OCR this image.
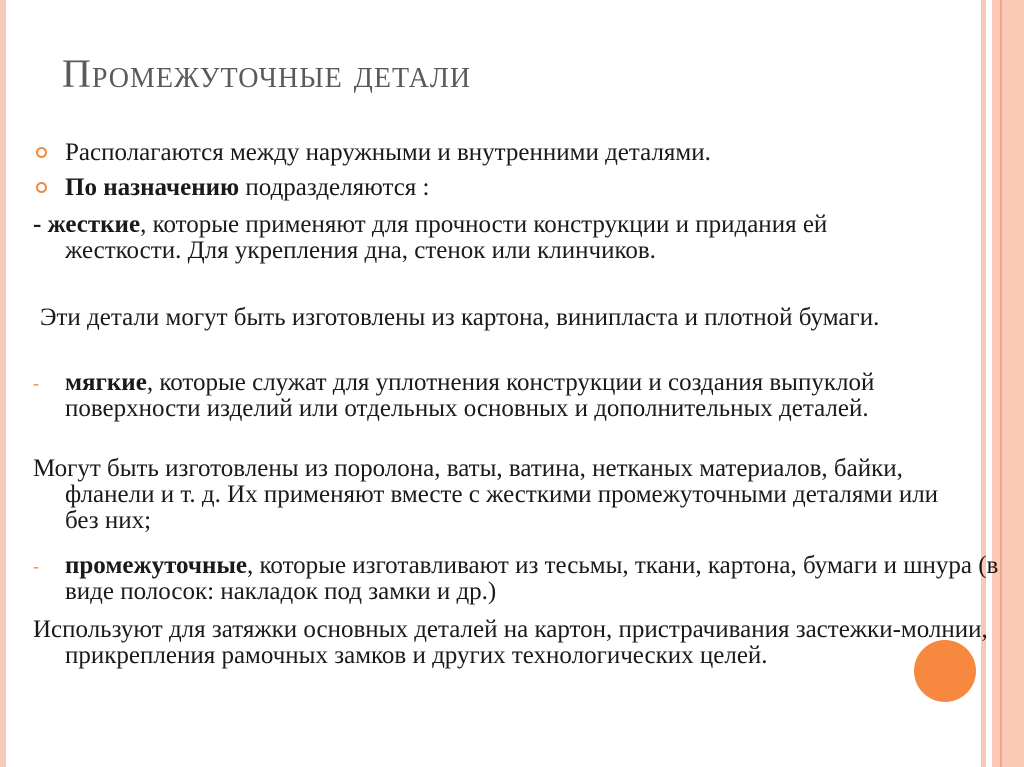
Промежуточные детали
Располагаются между наружными и внутренними деталями.
По назначению подразделяются :
- жесткие, которые применяют для прочности конструкции и придания ей жесткости. Для укрепления дна, стенок или клинчиков.
Эти детали могут быть изготовлены из картона, винипласта и плотной бумаги.
- мягкие, которые служат для уплотнения конструкции и создания выпуклой поверхности изделий или отдельных основных и дополнительных деталей.
Могут быть изготовлены из поролона, ваты, ватина, нетканых материалов, байки, фланели и т. д. Их применяют вместе с жесткими промежуточными деталями или без них;
- промежуточные, которые изготавливают из тесьмы, ткани, картона, бумаги и шнура (в виде полосок: накладок под замки и др.)
Используют для затяжки основных деталей на картон, пристрачивания застежки-молнии, прикрепления рамочных замков и других технологических целей.
